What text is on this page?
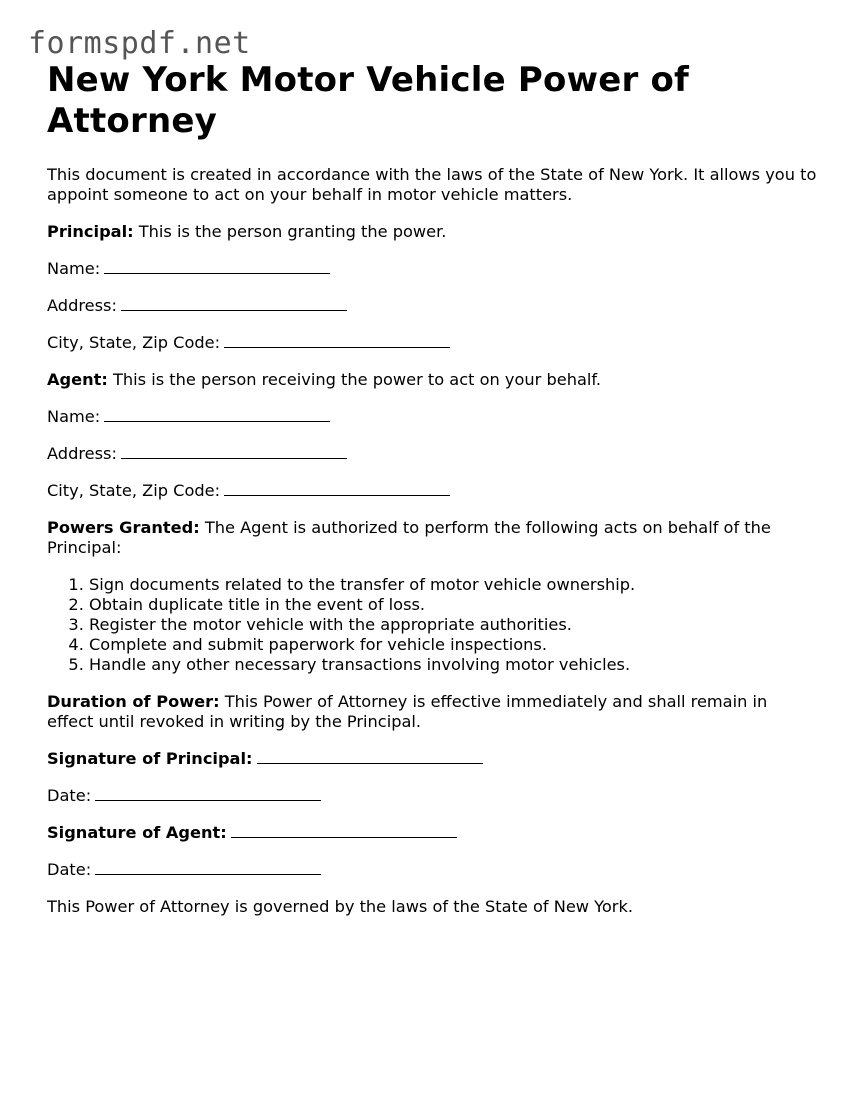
formspdf.net
New York Motor Vehicle Power of Attorney

This document is created in accordance with the laws of the State of New York. It allows you to appoint someone to act on your behalf in motor vehicle matters.

Principal: This is the person granting the power.

Name:

Address:

City, State, Zip Code:

Agent: This is the person receiving the power to act on your behalf.

Name:

Address:

City, State, Zip Code:

Powers Granted: The Agent is authorized to perform the following acts on behalf of the Principal:

1. Sign documents related to the transfer of motor vehicle ownership.
2. Obtain duplicate title in the event of loss.
3. Register the motor vehicle with the appropriate authorities.
4. Complete and submit paperwork for vehicle inspections.
5. Handle any other necessary transactions involving motor vehicles.

Duration of Power: This Power of Attorney is effective immediately and shall remain in effect until revoked in writing by the Principal.

Signature of Principal:

Date:

Signature of Agent:

Date:

This Power of Attorney is governed by the laws of the State of New York.
